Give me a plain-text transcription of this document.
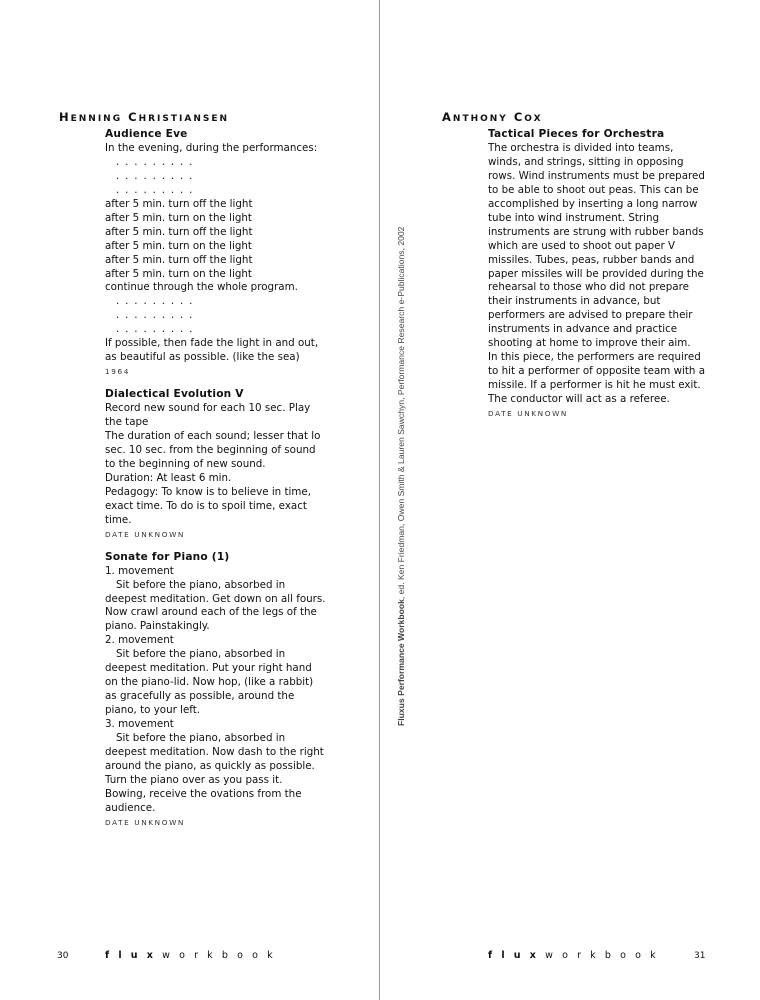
HENNING CHRISTIANSEN
Audience Eve
In the evening, during the performances:
. . . . . . . . .
. . . . . . . . .
. . . . . . . . .
after 5 min. turn off the light
after 5 min. turn on the light
after 5 min. turn off the light
after 5 min. turn on the light
after 5 min. turn off the light
after 5 min. turn on the light
continue through the whole program.
. . . . . . . . .
. . . . . . . . .
. . . . . . . . .
If possible, then fade the light in and out,
as beautiful as possible. (like the sea)
1964
Dialectical Evolution V
Record new sound for each 10 sec. Play
the tape
The duration of each sound; lesser that lo
sec. 10 sec. from the beginning of sound
to the beginning of new sound.
Duration: At least 6 min.
Pedagogy: To know is to believe in time,
exact time. To do is to spoil time, exact
time.
DATE UNKNOWN
Sonate for Piano (1)
1. movement
Sit before the piano, absorbed in
deepest meditation. Get down on all fours.
Now crawl around each of the legs of the
piano. Painstakingly.
2. movement
Sit before the piano, absorbed in
deepest meditation. Put your right hand
on the piano-lid. Now hop, (like a rabbit)
as gracefully as possible, around the
piano, to your left.
3. movement
Sit before the piano, absorbed in
deepest meditation. Now dash to the right
around the piano, as quickly as possible.
Turn the piano over as you pass it.
Bowing, receive the ovations from the
audience.
DATE UNKNOWN
ANTHONY COX
Tactical Pieces for Orchestra
The orchestra is divided into teams,
winds, and strings, sitting in opposing
rows. Wind instruments must be prepared
to be able to shoot out peas. This can be
accomplished by inserting a long narrow
tube into wind instrument. String
instruments are strung with rubber bands
which are used to shoot out paper V
missiles. Tubes, peas, rubber bands and
paper missiles will be provided during the
rehearsal to those who did not prepare
their instruments in advance, but
performers are advised to prepare their
instruments in advance and practice
shooting at home to improve their aim.
In this piece, the performers are required
to hit a performer of opposite team with a
missile. If a performer is hit he must exit.
The conductor will act as a referee.
DATE UNKNOWN
Fluxus Performance Workbook, ed. Ken Friedman, Owen Smith & Lauren Sawchyn, Performance Research e-Publications, 2002
30	fluxworkbook	fluxworkbook	31
